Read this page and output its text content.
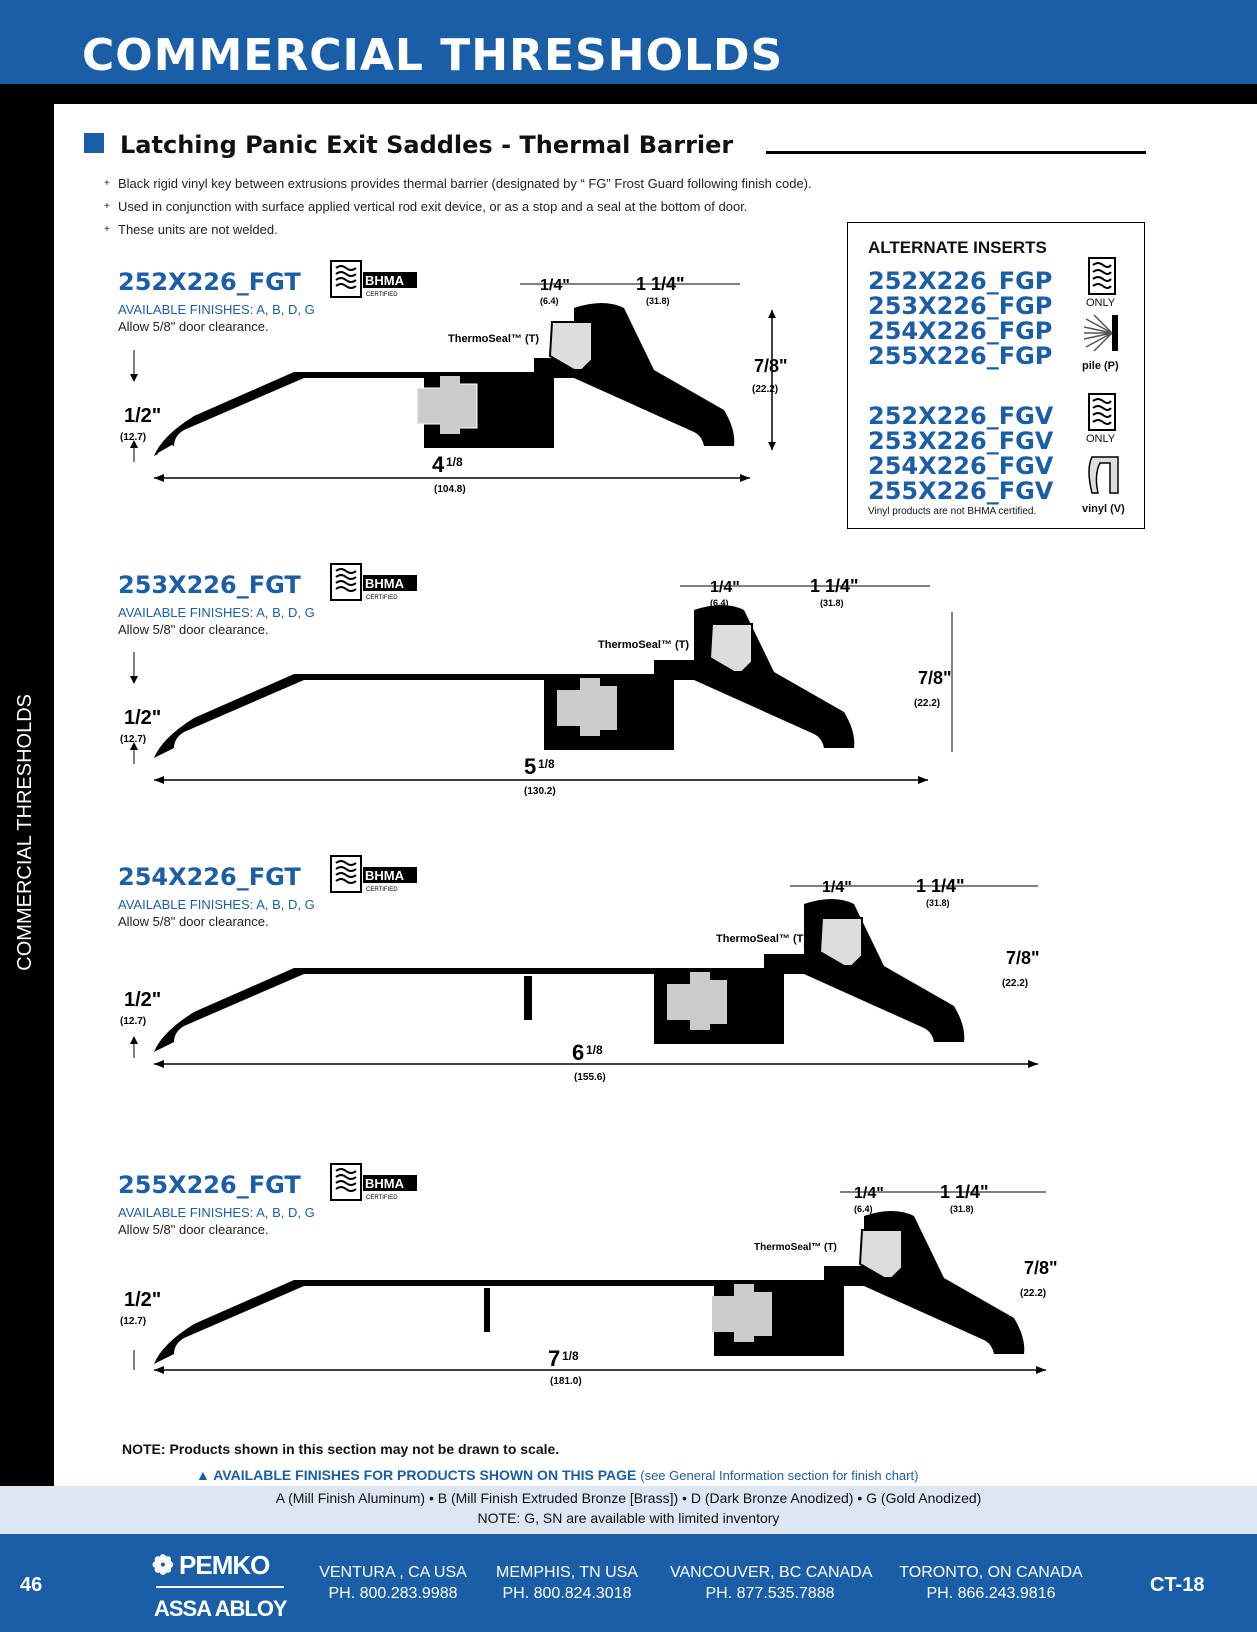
COMMERCIAL THRESHOLDS
COMMERCIAL THRESHOLDS
Latching Panic Exit Saddles - Thermal Barrier
+ Black rigid vinyl key between extrusions provides thermal barrier (designated by “ FG” Frost Guard following finish code).
+ Used in conjunction with surface applied vertical rod exit device, or as a stop and a seal at the bottom of door.
+ These units are not welded.
252X226_FGT	BHMA
CERTIFIED
AVAILABLE FINISHES: A, B, D, G
Allow 5/8" door clearance.
253X226_FGT	BHMA
CERTIFIED
AVAILABLE FINISHES: A, B, D, G
Allow 5/8" door clearance.
254X226_FGT	BHMA
CERTIFIED
AVAILABLE FINISHES: A, B, D, G
Allow 5/8" door clearance.
255X226_FGT	BHMA
CERTIFIED
AVAILABLE FINISHES: A, B, D, G
Allow 5/8" door clearance.
1/2"
(12.7)
4 1/8
(104.8)
7/8"
(22.2)
1/4"
(6.4)
1 1/4"
(31.8)
ThermoSeal™ (T)
1/2"
(12.7)
5 1/8
(130.2)
1/4"
(6.4)
1 1/4"
(31.8)
ThermoSeal™ (T)
7/8"
(22.2)
1/2"
(12.7)
6 1/8
(155.6)
1/4"
(6.4)
1 1/4"
(31.8)
ThermoSeal™ (T)
7/8"
(22.2)
1/2"
(12.7)
7 1/8
(181.0)
1/4"
(6.4)
1 1/4"
(31.8)
ThermoSeal™ (T)
7/8"
(22.2)
ALTERNATE INSERTS
252X226_FGP
253X226_FGP
254X226_FGP
255X226_FGP
252X226_FGV
253X226_FGV
254X226_FGV
255X226_FGV
ONLY
pile (P)
ONLY
vinyl (V)
Vinyl products are not BHMA certified.
NOTE: Products shown in this section may not be drawn to scale.
▲ AVAILABLE FINISHES FOR PRODUCTS SHOWN ON THIS PAGE (see General Information section for finish chart)
A (Mill Finish Aluminum) • B (Mill Finish Extruded Bronze [Brass]) • D (Dark Bronze Anodized) • G (Gold Anodized)
NOTE: G, SN are available with limited inventory
46
❁ PEMKO
ASSA ABLOY
VENTURA , CA USA
PH. 800.283.9988
MEMPHIS, TN USA
PH. 800.824.3018
VANCOUVER, BC CANADA
PH. 877.535.7888
TORONTO, ON CANADA
PH. 866.243.9816	CT-18
